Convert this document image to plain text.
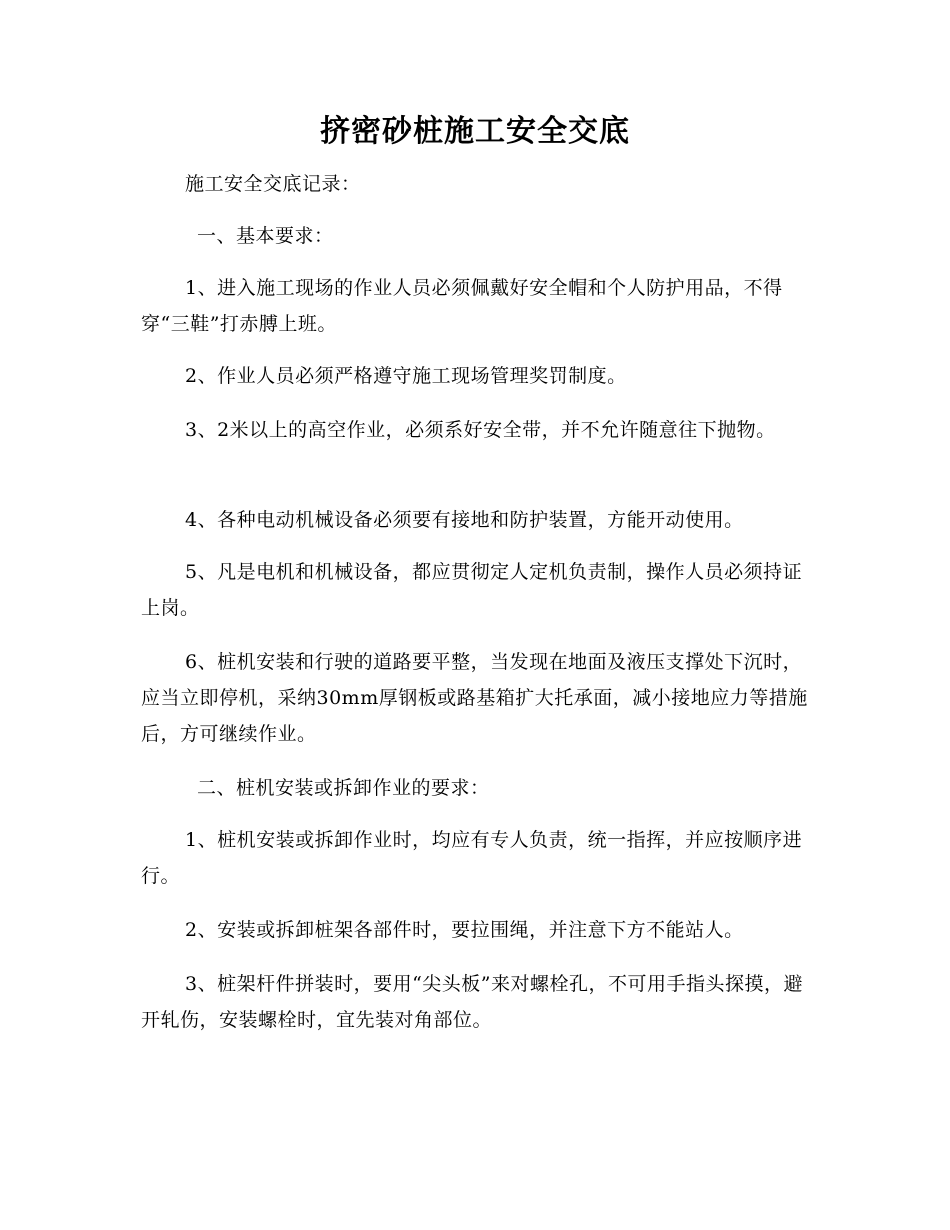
挤密砂桩施工安全交底

施工安全交底记录：

一、基本要求：

1、进入施工现场的作业人员必须佩戴好安全帽和个人防护用品，不得穿“三鞋”打赤膊上班。

2、作业人员必须严格遵守施工现场管理奖罚制度。

3、2米以上的高空作业，必须系好安全带，并不允许随意往下抛物。

4、各种电动机械设备必须要有接地和防护装置，方能开动使用。

5、凡是电机和机械设备，都应贯彻定人定机负责制，操作人员必须持证上岗。

6、桩机安装和行驶的道路要平整，当发现在地面及液压支撑处下沉时，应当立即停机，采纳30mm厚钢板或路基箱扩大托承面，减小接地应力等措施后，方可继续作业。

二、桩机安装或拆卸作业的要求：

1、桩机安装或拆卸作业时，均应有专人负责，统一指挥，并应按顺序进行。

2、安装或拆卸桩架各部件时，要拉围绳，并注意下方不能站人。

3、桩架杆件拼装时，要用“尖头板”来对螺栓孔，不可用手指头探摸，避开轧伤，安装螺栓时，宜先装对角部位。
